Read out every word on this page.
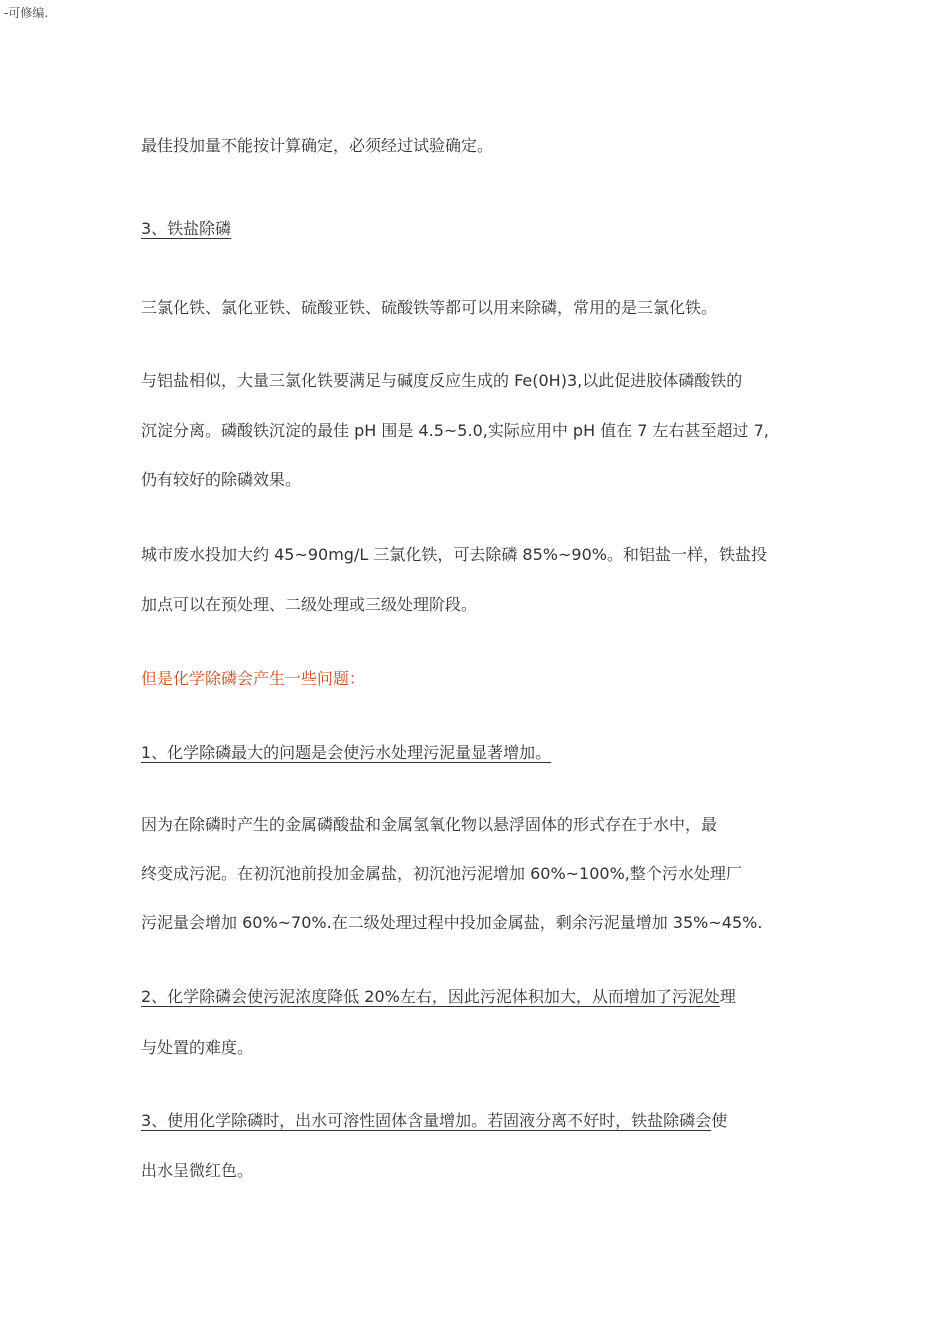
-可修编.
最佳投加量不能按计算确定，必须经过试验确定。
3、铁盐除磷
三氯化铁、氯化亚铁、硫酸亚铁、硫酸铁等都可以用来除磷，常用的是三氯化铁。
与铝盐相似，大量三氯化铁要满足与碱度反应生成的 Fe(0H)3,以此促进胶体磷酸铁的
沉淀分离。磷酸铁沉淀的最佳 pH 围是 4.5~5.0,实际应用中 pH 值在 7 左右甚至超过 7,
仍有较好的除磷效果。
城市废水投加大约 45~90mg/L 三氯化铁，可去除磷 85%~90%。和铝盐一样，铁盐投
加点可以在预处理、二级处理或三级处理阶段。
但是化学除磷会产生一些问题：
1、化学除磷最大的问题是会使污水处理污泥量显著增加。
因为在除磷时产生的金属磷酸盐和金属氢氧化物以悬浮固体的形式存在于水中，最
终变成污泥。在初沉池前投加金属盐，初沉池污泥增加 60%~100%,整个污水处理厂
污泥量会增加 60%~70%.在二级处理过程中投加金属盐，剩余污泥量增加 35%~45%.
2、化学除磷会使污泥浓度降低 20%左右，因此污泥体积加大，从而增加了污泥处理
与处置的难度。
3、使用化学除磷时，出水可溶性固体含量增加。若固液分离不好时，铁盐除磷会使
出水呈微红色。
